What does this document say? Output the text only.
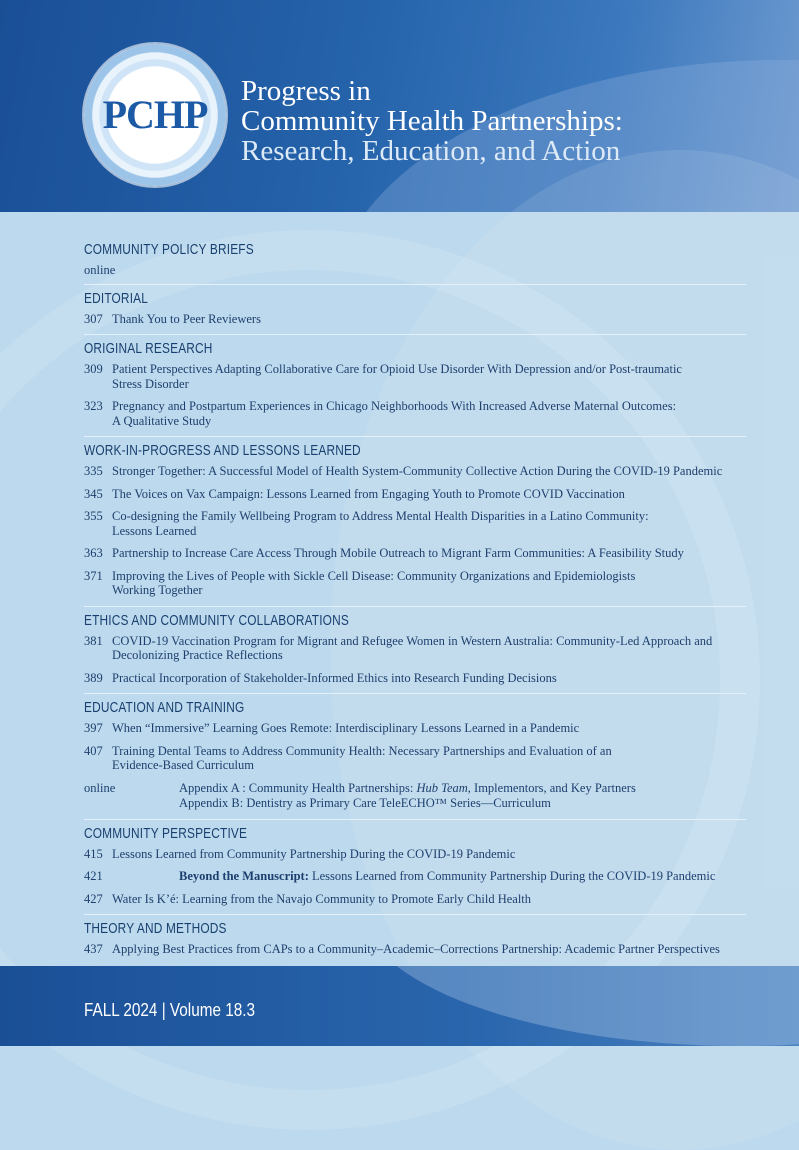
PCHP
Progress in
Community Health Partnerships:
Research, Education, and Action
COMMUNITY POLICY BRIEFS
online
EDITORIAL
307 Thank You to Peer Reviewers
ORIGINAL RESEARCH
309 Patient Perspectives Adapting Collaborative Care for Opioid Use Disorder With Depression and/or Post-traumatic
Stress Disorder
323 Pregnancy and Postpartum Experiences in Chicago Neighborhoods With Increased Adverse Maternal Outcomes:
A Qualitative Study
WORK-IN-PROGRESS AND LESSONS LEARNED
335 Stronger Together: A Successful Model of Health System-Community Collective Action During the COVID-19 Pandemic
345 The Voices on Vax Campaign: Lessons Learned from Engaging Youth to Promote COVID Vaccination
355 Co-designing the Family Wellbeing Program to Address Mental Health Disparities in a Latino Community:
Lessons Learned
363 Partnership to Increase Care Access Through Mobile Outreach to Migrant Farm Communities: A Feasibility Study
371 Improving the Lives of People with Sickle Cell Disease: Community Organizations and Epidemiologists
Working Together
ETHICS AND COMMUNITY COLLABORATIONS
381 COVID-19 Vaccination Program for Migrant and Refugee Women in Western Australia: Community-Led Approach and
Decolonizing Practice Reflections
389 Practical Incorporation of Stakeholder-Informed Ethics into Research Funding Decisions
EDUCATION AND TRAINING
397 When “Immersive” Learning Goes Remote: Interdisciplinary Lessons Learned in a Pandemic
407 Training Dental Teams to Address Community Health: Necessary Partnerships and Evaluation of an
Evidence-Based Curriculum
online	Appendix A : Community Health Partnerships: Hub Team, Implementors, and Key Partners
Appendix B: Dentistry as Primary Care TeleECHO™ Series—Curriculum
COMMUNITY PERSPECTIVE
415 Lessons Learned from Community Partnership During the COVID-19 Pandemic
421	Beyond the Manuscript: Lessons Learned from Community Partnership During the COVID-19 Pandemic
427 Water Is K’é: Learning from the Navajo Community to Promote Early Child Health
THEORY AND METHODS
437 Applying Best Practices from CAPs to a Community–Academic–Corrections Partnership: Academic Partner Perspectives
FALL 2024 | Volume 18.3
